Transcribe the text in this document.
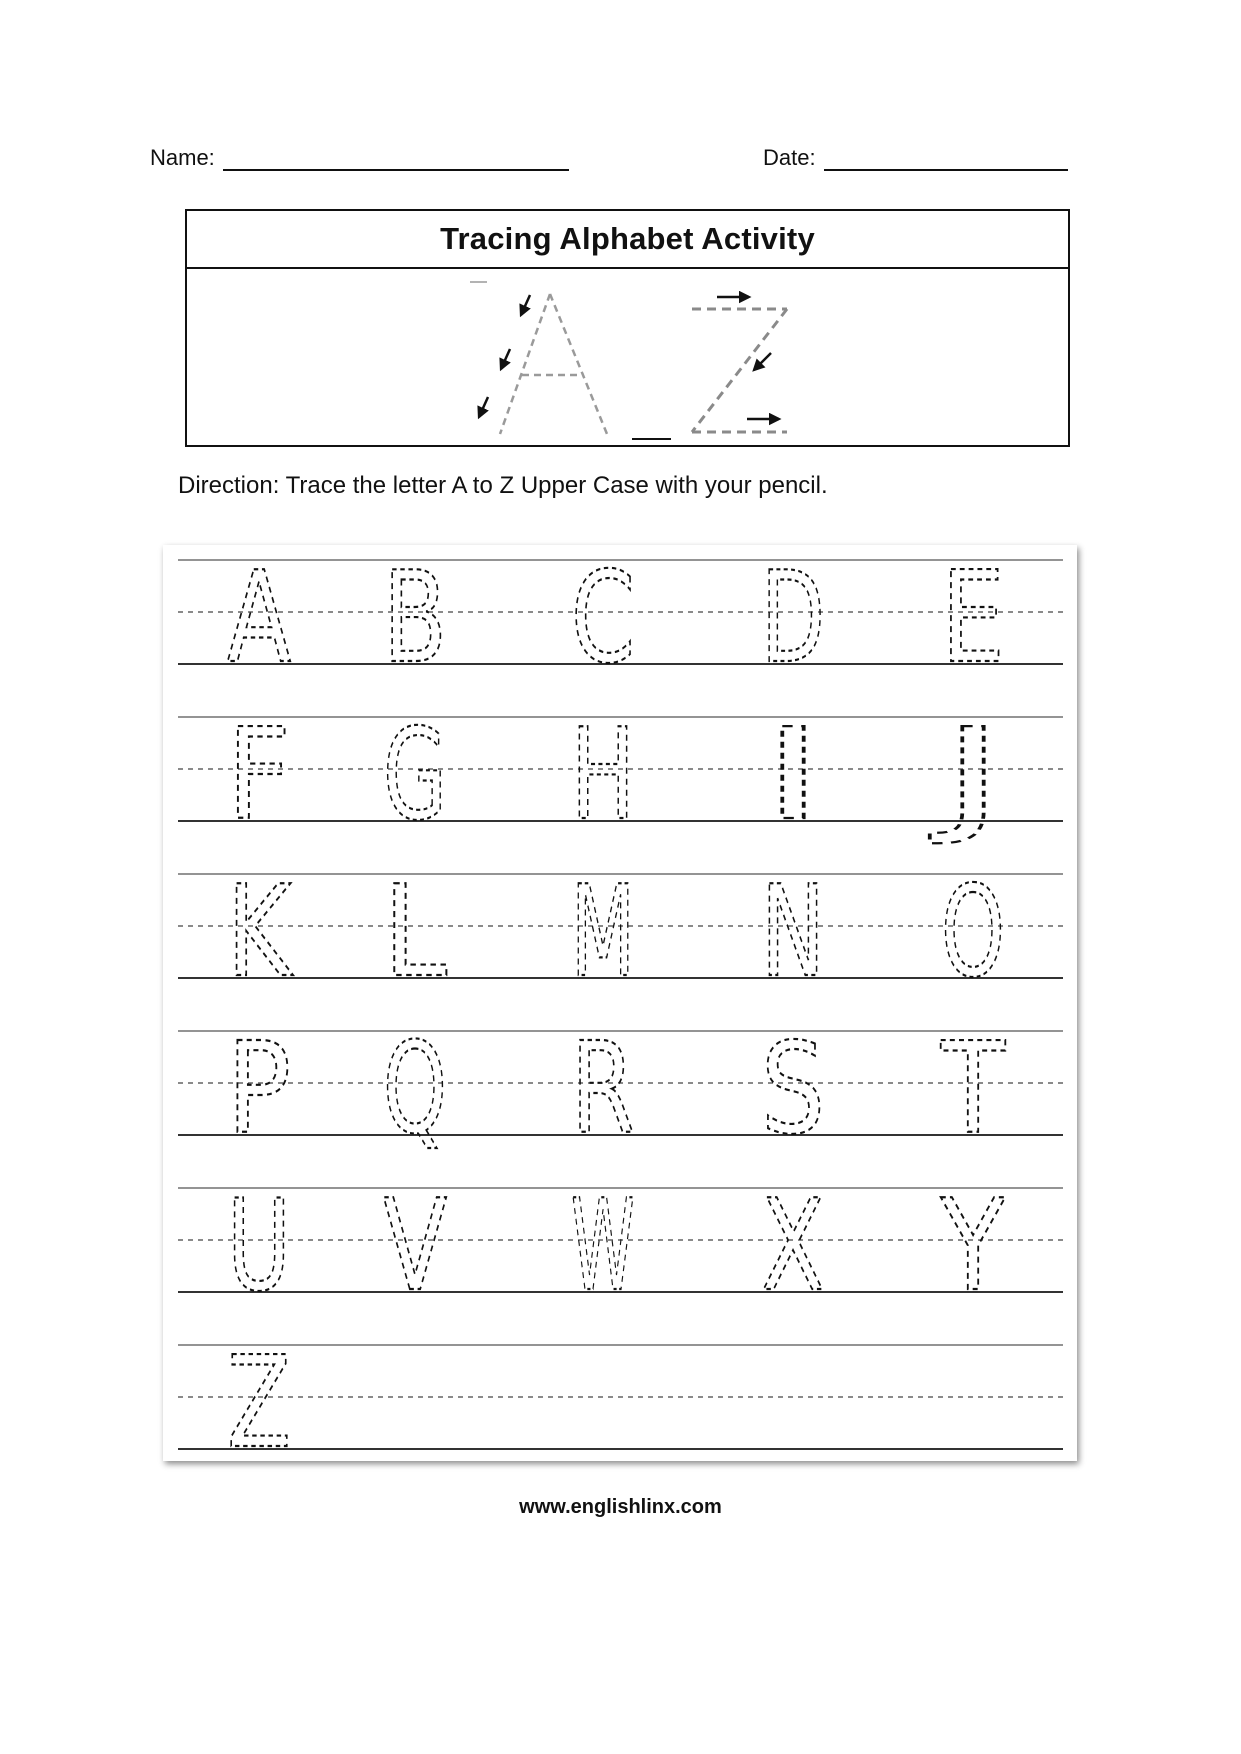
Name:	Date:
Tracing Alphabet Activity
Direction: Trace the letter A to Z Upper Case with your pencil.
A B C D E
F G H I J
K L M N O
P Q R S T
U V W X Y
Z
www.englishlinx.com
